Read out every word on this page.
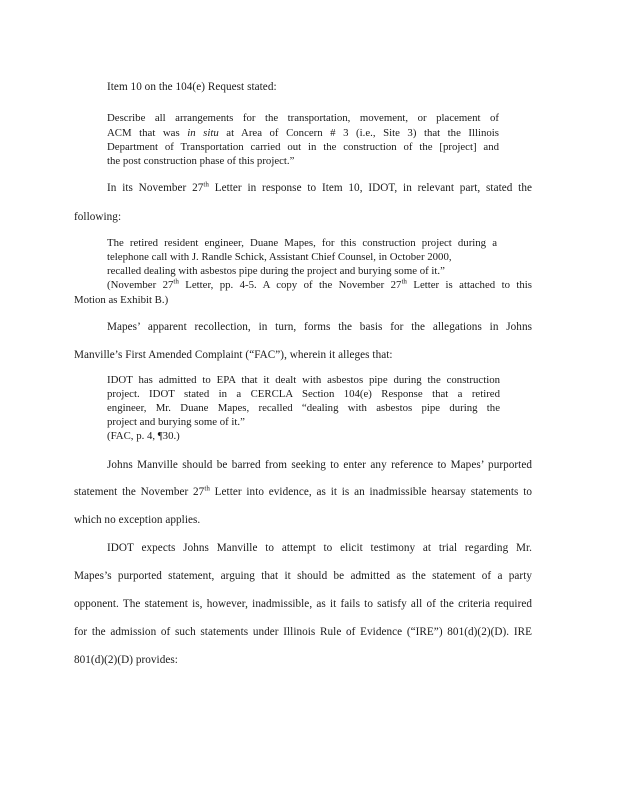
Item 10 on the 104(e) Request stated:
Describe all arrangements for the transportation, movement, or placement of
ACM that was in situ at Area of Concern # 3 (i.e., Site 3) that the Illinois
Department of Transportation carried out in the construction of the [project] and
the post construction phase of this project.”
In its November 27th Letter in response to Item 10, IDOT, in relevant part, stated the
following:
The retired resident engineer, Duane Mapes, for this construction project during a
telephone call with J. Randle Schick, Assistant Chief Counsel, in October 2000,
recalled dealing with asbestos pipe during the project and burying some of it.”
(November 27th Letter, pp. 4-5. A copy of the November 27th Letter is attached to this
Motion as Exhibit B.)
Mapes’ apparent recollection, in turn, forms the basis for the allegations in Johns
Manville’s First Amended Complaint (“FAC”), wherein it alleges that:
IDOT has admitted to EPA that it dealt with asbestos pipe during the construction
project. IDOT stated in a CERCLA Section 104(e) Response that a retired
engineer, Mr. Duane Mapes, recalled “dealing with asbestos pipe during the
project and burying some of it.”
(FAC, p. 4, ¶30.)
Johns Manville should be barred from seeking to enter any reference to Mapes’ purported
statement the November 27th Letter into evidence, as it is an inadmissible hearsay statements to
which no exception applies.
IDOT expects Johns Manville to attempt to elicit testimony at trial regarding Mr.
Mapes’s purported statement, arguing that it should be admitted as the statement of a party
opponent. The statement is, however, inadmissible, as it fails to satisfy all of the criteria required
for the admission of such statements under Illinois Rule of Evidence (“IRE”) 801(d)(2)(D). IRE
801(d)(2)(D) provides:
